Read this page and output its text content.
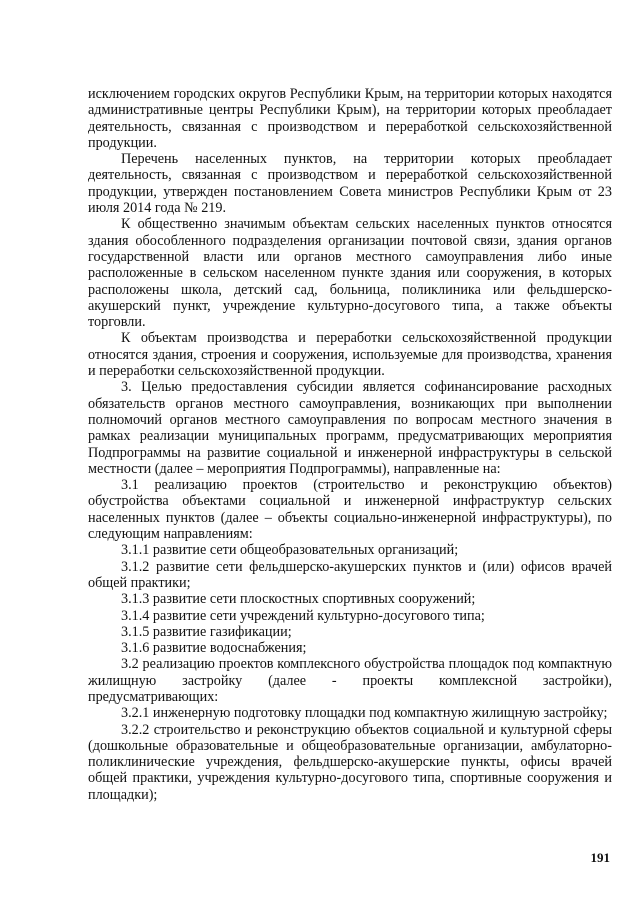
исключением городских округов Республики Крым, на территории которых находятся административные центры Республики Крым), на территории которых преобладает деятельность, связанная с производством и переработкой сельскохозяйственной продукции.

Перечень населенных пунктов, на территории которых преобладает деятельность, связанная с производством и переработкой сельскохозяйственной продукции, утвержден постановлением Совета министров Республики Крым от 23 июля 2014 года № 219.

К общественно значимым объектам сельских населенных пунктов относятся здания обособленного подразделения организации почтовой связи, здания органов государственной власти или органов местного самоуправления либо иные расположенные в сельском населенном пункте здания или сооружения, в которых расположены школа, детский сад, больница, поликлиника или фельдшерско-акушерский пункт, учреждение культурно-досугового типа, а также объекты торговли.

К объектам производства и переработки сельскохозяйственной продукции относятся здания, строения и сооружения, используемые для производства, хранения и переработки сельскохозяйственной продукции.

3. Целью предоставления субсидии является софинансирование расходных обязательств органов местного самоуправления, возникающих при выполнении полномочий органов местного самоуправления по вопросам местного значения в рамках реализации муниципальных программ, предусматривающих мероприятия Подпрограммы на развитие социальной и инженерной инфраструктуры в сельской местности (далее – мероприятия Подпрограммы), направленные на:

3.1 реализацию проектов (строительство и реконструкцию объектов) обустройства объектами социальной и инженерной инфраструктур сельских населенных пунктов (далее – объекты социально-инженерной инфраструктуры), по следующим направлениям:

3.1.1 развитие сети общеобразовательных организаций;

3.1.2 развитие сети фельдшерско-акушерских пунктов и (или) офисов врачей общей практики;

3.1.3 развитие сети плоскостных спортивных сооружений;

3.1.4 развитие сети учреждений культурно-досугового типа;

3.1.5 развитие газификации;

3.1.6 развитие водоснабжения;

3.2 реализацию проектов комплексного обустройства площадок под компактную жилищную застройку (далее - проекты комплексной застройки), предусматривающих:

3.2.1 инженерную подготовку площадки под компактную жилищную застройку;

3.2.2 строительство и реконструкцию объектов социальной и культурной сферы (дошкольные образовательные и общеобразовательные организации, амбулаторно-поликлинические учреждения, фельдшерско-акушерские пункты, офисы врачей общей практики, учреждения культурно-досугового типа, спортивные сооружения и площадки);

191
